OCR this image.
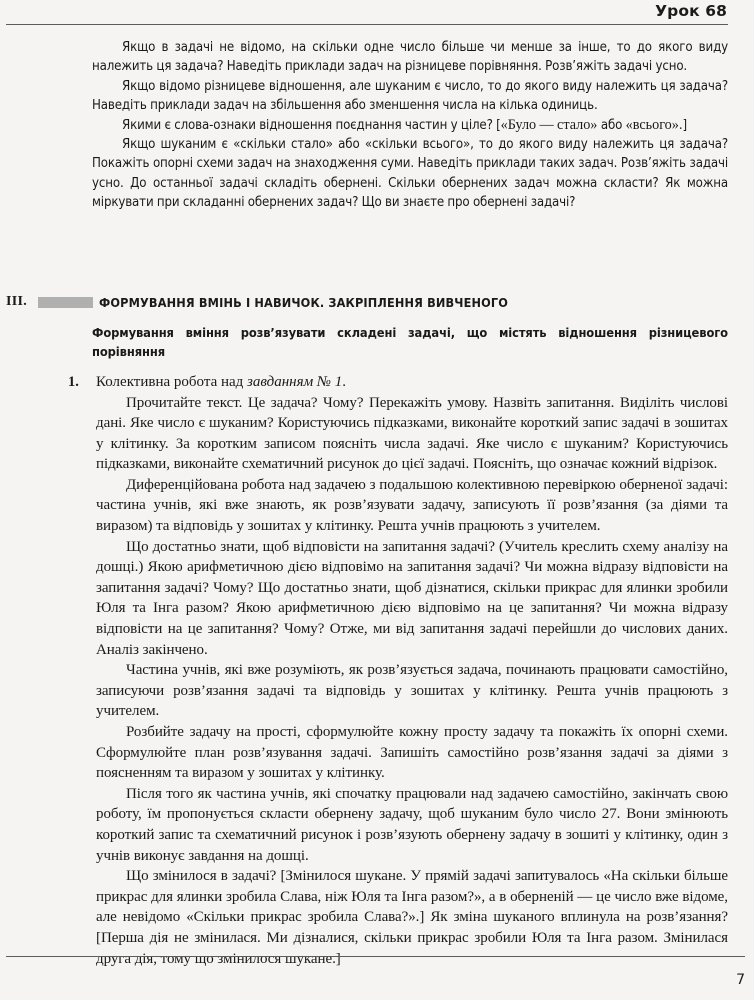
Урок 68

Якщо в задачі не відомо, на скільки одне число більше чи менше за інше, то до якого виду належить ця задача? Наведіть приклади задач на різницеве порівняння. Розв’яжіть задачі усно.

Якщо відомо різницеве відношення, але шуканим є число, то до якого виду належить ця задача? Наведіть приклади задач на збільшення або зменшення числа на кілька одиниць.

Якими є слова-ознаки відношення поєднання частин у ціле? [«Було — стало» або «всього».]

Якщо шуканим є «скільки стало» або «скільки всього», то до якого виду належить ця задача? Покажіть опорні схеми задач на знаходження суми. Наведіть приклади таких задач. Розв’яжіть задачі усно. До останньої задачі складіть обернені. Скільки обернених задач можна скласти? Як можна міркувати при складанні обернених задач? Що ви знаєте про обернені задачі?

III.	ФОРМУВАННЯ ВМІНЬ І НАВИЧОК. ЗАКРІПЛЕННЯ ВИВЧЕНОГО
Формування вміння розв’язувати складені задачі, що містять відношення різницевого порівняння
1. Колективна робота над завданням № 1.

Прочитайте текст. Це задача? Чому? Перекажіть умову. Назвіть запитання. Виділіть числові дані. Яке число є шуканим? Користуючись підказками, виконайте короткий запис задачі в зошитах у клітинку. За коротким записом поясніть числа задачі. Яке число є шуканим? Користуючись підказками, виконайте схематичний рисунок до цієї задачі. Поясніть, що означає кожний відрізок.

Диференційована робота над задачею з подальшою колективною перевіркою оберненої задачі: частина учнів, які вже знають, як розв’язувати задачу, записують її розв’язання (за діями та виразом) та відповідь у зошитах у клітинку. Решта учнів працюють з учителем.

Що достатньо знати, щоб відповісти на запитання задачі? (Учитель креслить схему аналізу на дошці.) Якою арифметичною дією відповімо на запитання задачі? Чи можна відразу відповісти на запитання задачі? Чому? Що достатньо знати, щоб дізнатися, скільки прикрас для ялинки зробили Юля та Інга разом? Якою арифметичною дією відповімо на це запитання? Чи можна відразу відповісти на це запитання? Чому? Отже, ми від запитання задачі перейшли до числових даних. Аналіз закінчено.

Частина учнів, які вже розуміють, як розв’язується задача, починають працювати самостійно, записуючи розв’язання задачі та відповідь у зошитах у клітинку. Решта учнів працюють з учителем.

Розбийте задачу на прості, сформулюйте кожну просту задачу та покажіть їх опорні схеми. Сформулюйте план розв’язування задачі. Запишіть самостійно розв’язання задачі за діями з поясненням та виразом у зошитах у клітинку.

Після того як частина учнів, які спочатку працювали над задачею самостійно, закінчать свою роботу, їм пропонується скласти обернену задачу, щоб шуканим було число 27. Вони змінюють короткий запис та схематичний рисунок і розв’язують обернену задачу в зошиті у клітинку, один з учнів виконує завдання на дошці.

Що змінилося в задачі? [Змінилося шукане. У прямій задачі запитувалось «На скільки більше прикрас для ялинки зробила Слава, ніж Юля та Інга разом?», а в оберненій — це число вже відоме, але невідомо «Скільки прикрас зробила Слава?».] Як зміна шуканого вплинула на розв’язання? [Перша дія не змінилася. Ми дізналися, скільки прикрас зробили Юля та Інга разом. Змінилася друга дія, тому що змінилося шукане.]

7
